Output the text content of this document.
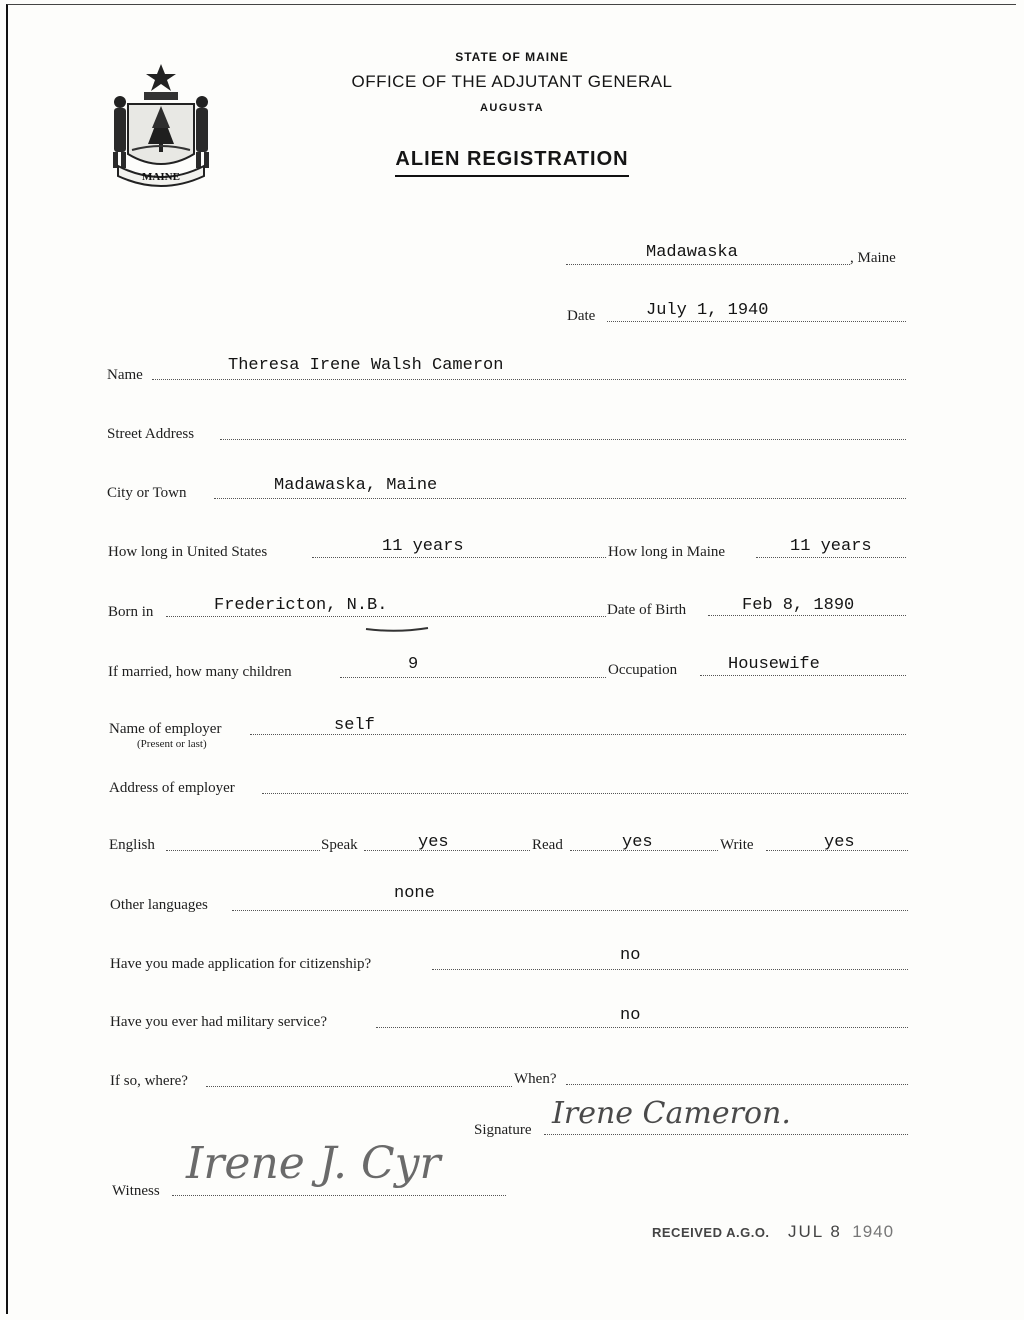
MAINE
STATE OF MAINE
OFFICE OF THE ADJUTANT GENERAL
AUGUSTA
ALIEN REGISTRATION
Madawaska	, Maine
Date	July 1, 1940
Name	Theresa Irene Walsh Cameron
Street Address
City or Town	Madawaska, Maine
How long in United States	11 years	How long in Maine	11 years
Born in	Fredericton, N.B.	Date of Birth	Feb 8, 1890
If married, how many children	9	Occupation	Housewife
Name of employer
(Present or last)
self
Address of employer
English	Speak	yes	Read	yes	Write	yes
Other languages
none
Have you made application for citizenship?	no
Have you ever had military service?	no
If so, where?	When?
Signature Irene Cameron.
Witness
Irene J. Cyr
RECEIVED A.G.O. JUL 8 1940
